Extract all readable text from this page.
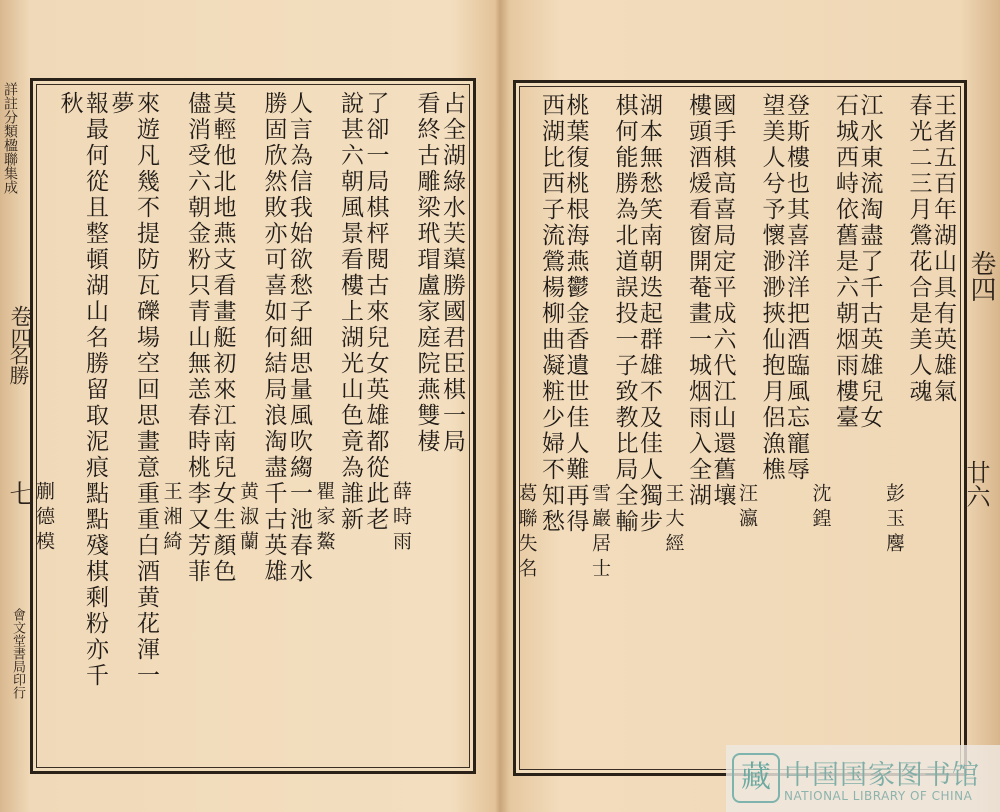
詳註分類楹聯集成
卷四
名勝
七
會文堂書局印行
占全湖綠水芙蕖勝國君臣棋一局
看終古雕梁玳瑁盧家庭院燕雙棲
薛時雨
了卻一局棋枰閱古來兒女英雄都從此老
說甚六朝風景看樓上湖光山色竟為誰新
瞿家鰲
人言為信我始欲愁子細思量風吹縐一池春水
勝固欣然敗亦可喜如何結局浪淘盡千古英雄
黄淑蘭
莫輕他北地燕支看畫艇初來江南兒女生顏色
儘消受六朝金粉只青山無恙春時桃李又芳菲
王湘綺
來遊凡幾不提防瓦礫場空回思畫意重重白酒黄花渾一
夢
報最何從且整頓湖山名勝留取泥痕點點殘棋剩粉亦千
秋
蒯德模
王者五百年湖山具有英雄氣
春光二三月鶯花合是美人魂
彭玉麐
江水東流淘盡了千古英雄兒女
石城西峙依舊是六朝烟雨樓臺
沈鍠
登斯樓也其喜洋洋把酒臨風忘寵辱
望美人兮予懷渺渺挾仙抱月侶漁樵
汪瀛
國手棋高喜局定平成六代江山還舊壤
樓頭酒煖看窗開菴畫一城烟雨入全湖
王大經
湖本無愁笑南朝迭起群雄不及佳人獨步
棋何能勝為北道誤投一子致教比局全輸
雪巖居士
桃葉復桃根海燕鬱金香遺世佳人難再得
西湖比西子流鶯楊柳曲凝粧少婦不知愁
葛聯失名
卷四
廿六
藏 中国国家图书馆
NATIONAL LIBRARY OF CHINA
